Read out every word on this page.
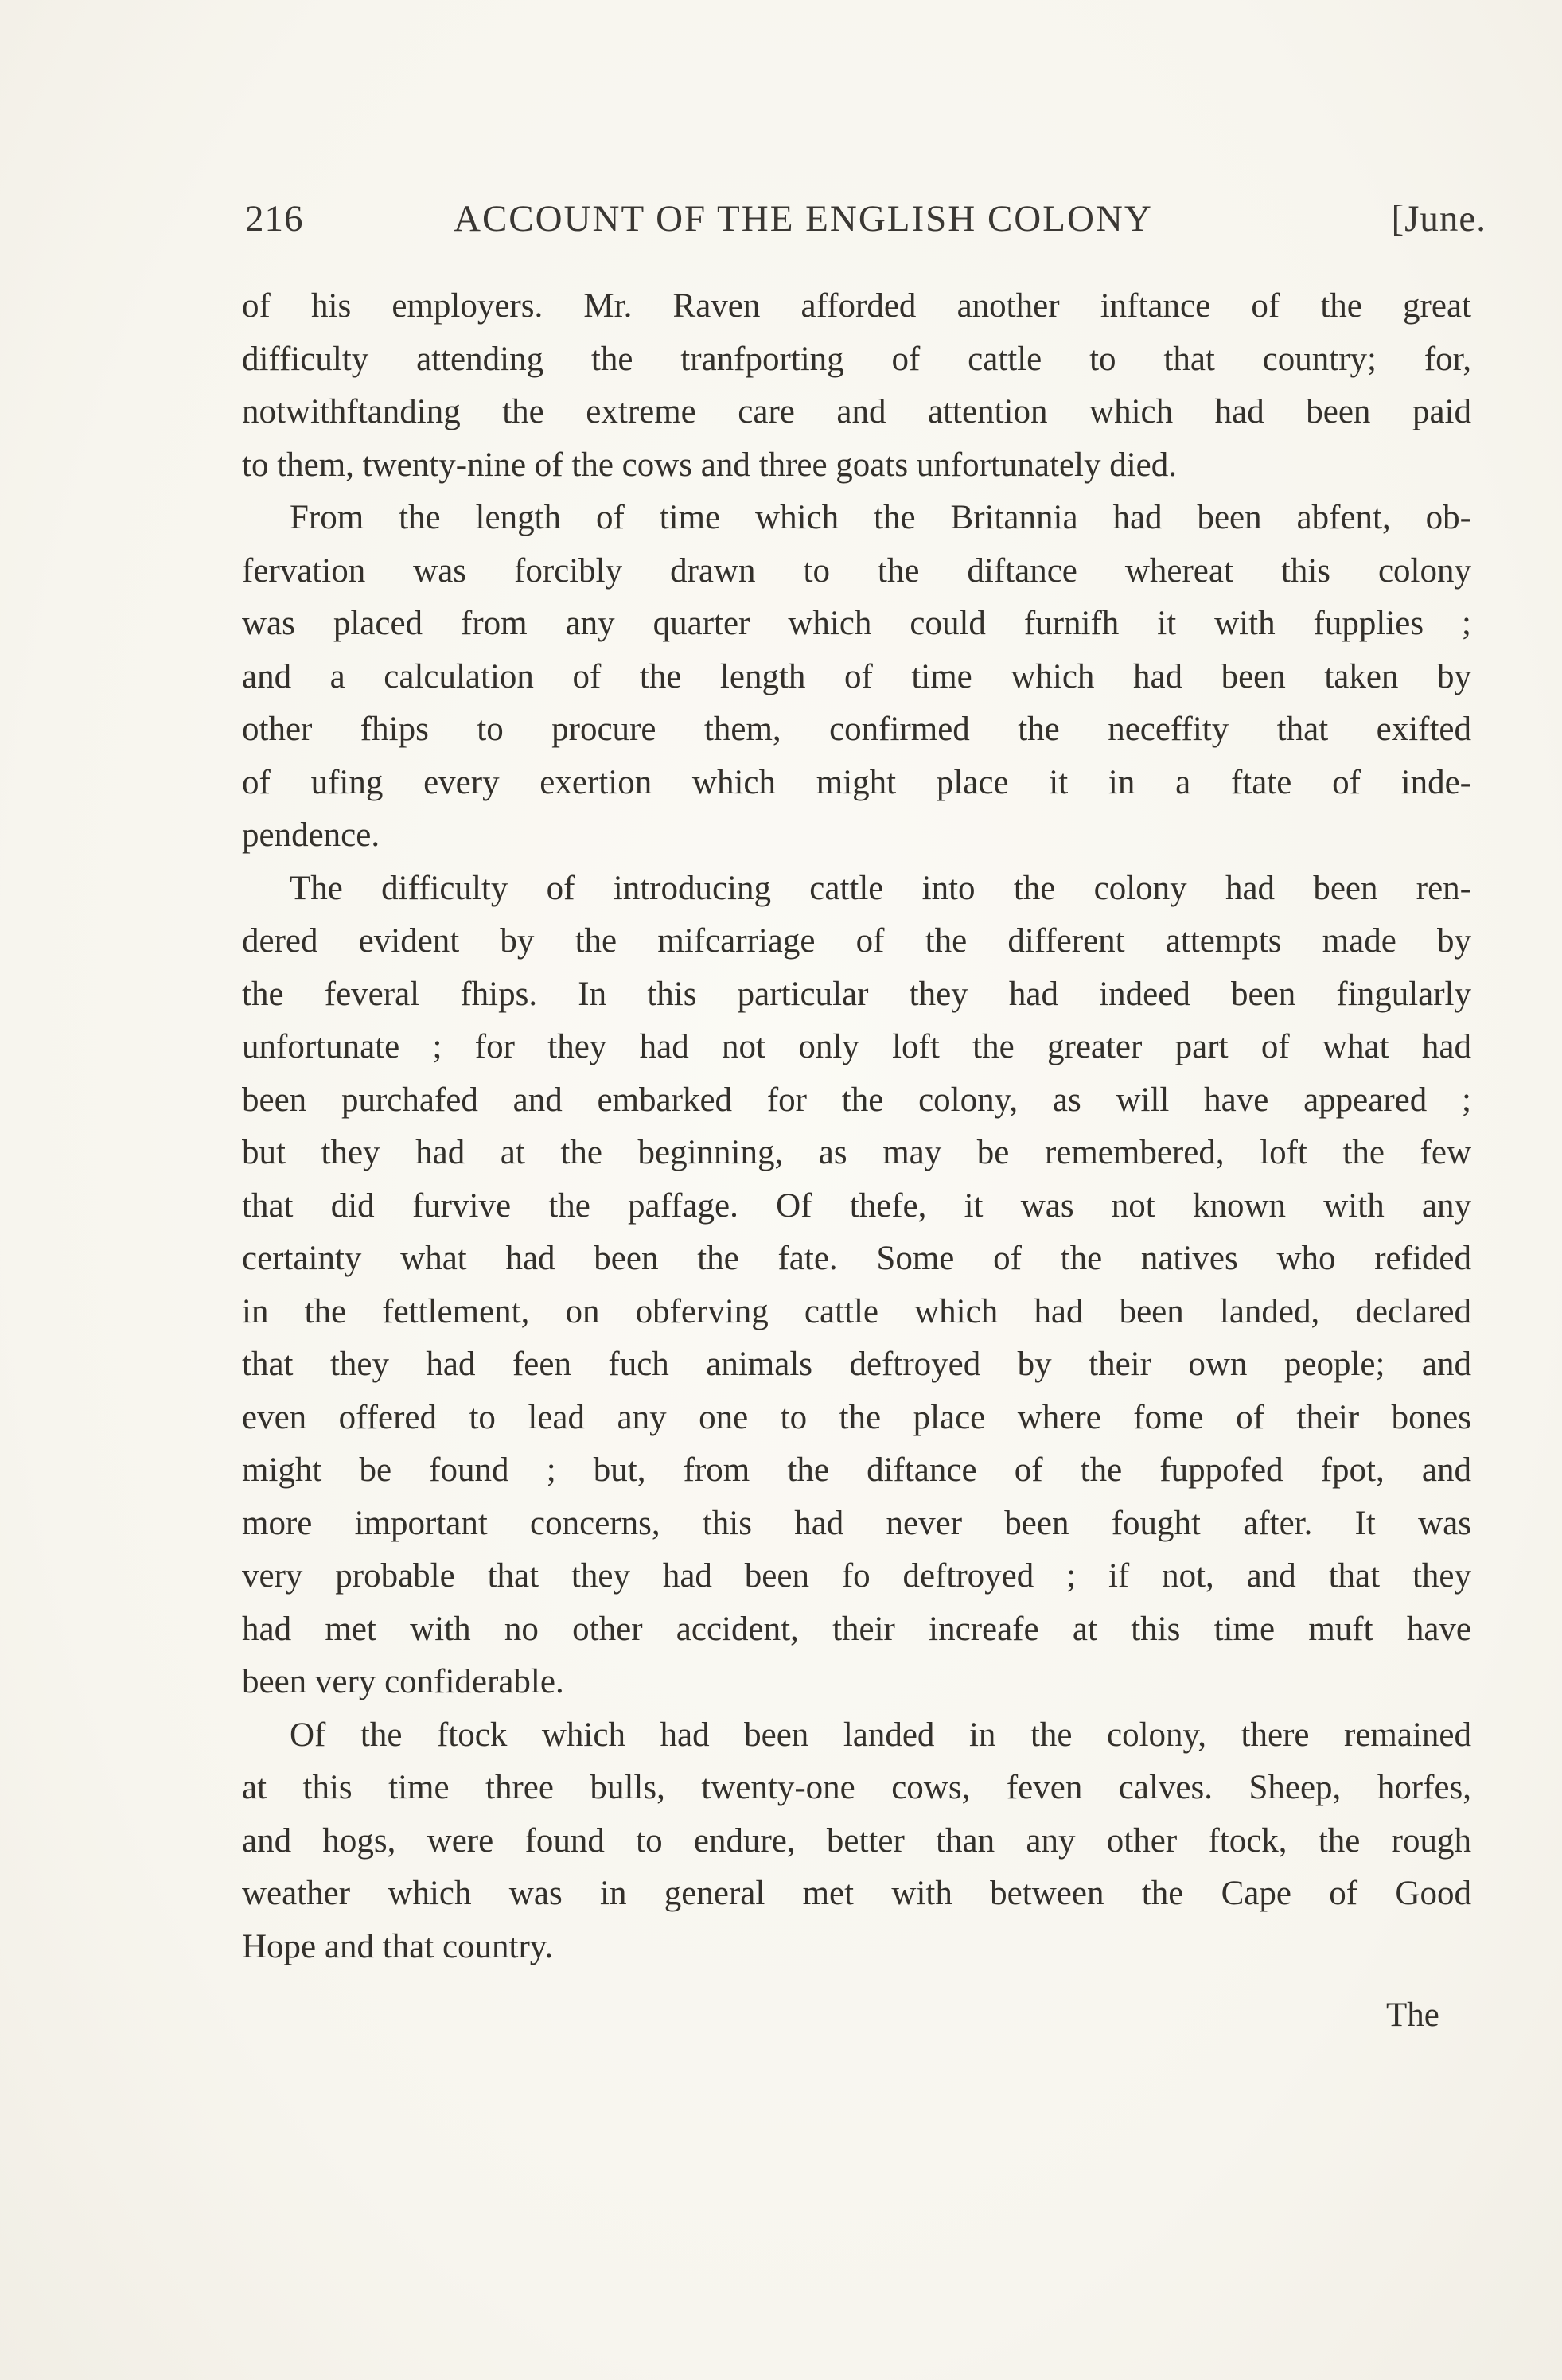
216	ACCOUNT OF THE ENGLISH COLONY	[June.
of his employers. Mr. Raven afforded another inftance of the great
difficulty attending the tranfporting of cattle to that country; for,
notwithftanding the extreme care and attention which had been paid
to them, twenty-nine of the cows and three goats unfortunately died.
From the length of time which the Britannia had been abfent, ob-
fervation was forcibly drawn to the diftance whereat this colony
was placed from any quarter which could furnifh it with fupplies ;
and a calculation of the length of time which had been taken by
other fhips to procure them, confirmed the neceffity that exifted
of ufing every exertion which might place it in a ftate of inde-
pendence.
The difficulty of introducing cattle into the colony had been ren-
dered evident by the mifcarriage of the different attempts made by
the feveral fhips. In this particular they had indeed been fingularly
unfortunate ; for they had not only loft the greater part of what had
been purchafed and embarked for the colony, as will have appeared ;
but they had at the beginning, as may be remembered, loft the few
that did furvive the paffage. Of thefe, it was not known with any
certainty what had been the fate. Some of the natives who refided
in the fettlement, on obferving cattle which had been landed, declared
that they had feen fuch animals deftroyed by their own people; and
even offered to lead any one to the place where fome of their bones
might be found ; but, from the diftance of the fuppofed fpot, and
more important concerns, this had never been fought after. It was
very probable that they had been fo deftroyed ; if not, and that they
had met with no other accident, their increafe at this time muft have
been very confiderable.
Of the ftock which had been landed in the colony, there remained
at this time three bulls, twenty-one cows, feven calves. Sheep, horfes,
and hogs, were found to endure, better than any other ftock, the rough
weather which was in general met with between the Cape of Good
Hope and that country.
The
